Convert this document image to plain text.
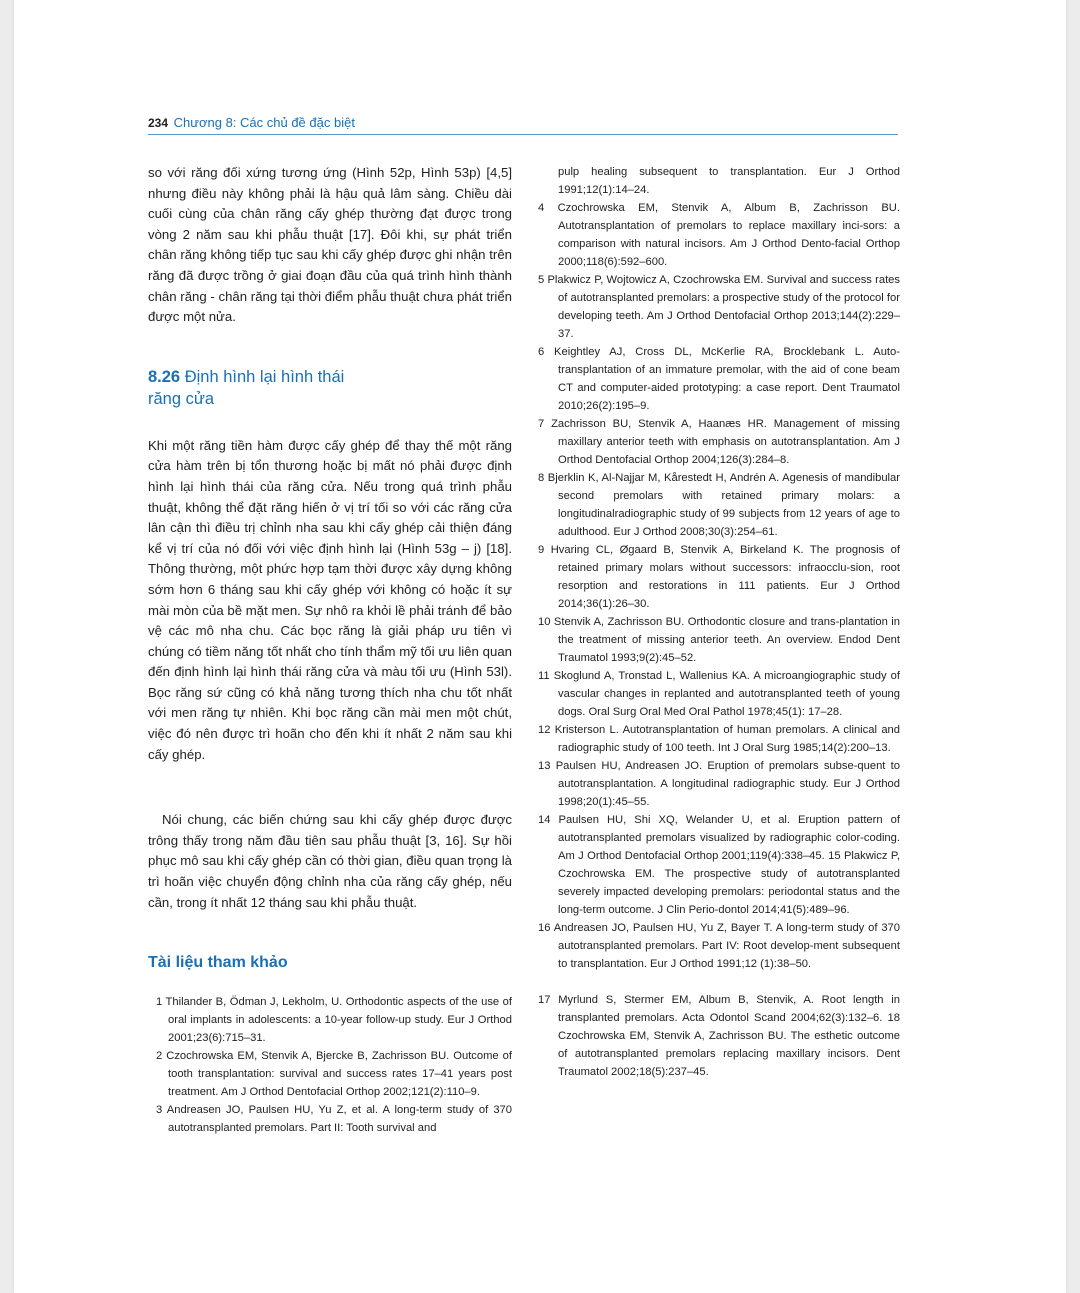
234 Chương 8: Các chủ đề đặc biệt

so với răng đối xứng tương ứng (Hình 52p, Hình 53p) [4,5] nhưng điều này không phải là hậu quả lâm sàng. Chiều dài cuối cùng của chân răng cấy ghép thường đạt được trong vòng 2 năm sau khi phẫu thuật [17]. Đôi khi, sự phát triển chân răng không tiếp tục sau khi cấy ghép được ghi nhận trên răng đã được trồng ở giai đoạn đầu của quá trình hình thành chân răng - chân răng tại thời điểm phẫu thuật chưa phát triển được một nửa.

8.26 Định hình lại hình thái
răng cửa

Khi một răng tiền hàm được cấy ghép để thay thế một răng cửa hàm trên bị tổn thương hoặc bị mất nó phải được định hình lại hình thái của răng cửa. Nếu trong quá trình phẫu thuật, không thể đặt răng hiến ở vị trí tối so với các răng cửa lân cận thì điều trị chỉnh nha sau khi cấy ghép cải thiện đáng kể vị trí của nó đối với việc định hình lại (Hình 53g – j) [18]. Thông thường, một phức hợp tạm thời được xây dựng không sớm hơn 6 tháng sau khi cấy ghép với không có hoặc ít sự mài mòn của bề mặt men. Sự nhô ra khỏi lề phải tránh để bảo vệ các mô nha chu. Các bọc răng là giải pháp ưu tiên vì chúng có tiềm năng tốt nhất cho tính thẩm mỹ tối ưu liên quan đến định hình lại hình thái răng cửa và màu tối ưu (Hình 53l). Bọc răng sứ cũng có khả năng tương thích nha chu tốt nhất với men răng tự nhiên. Khi bọc răng cần mài men một chút, việc đó nên được trì hoãn cho đến khi ít nhất 2 năm sau khi cấy ghép.

Nói chung, các biến chứng sau khi cấy ghép được được trông thấy trong năm đầu tiên sau phẫu thuật [3, 16]. Sự hồi phục mô sau khi cấy ghép cần có thời gian, điều quan trọng là trì hoãn việc chuyển động chỉnh nha của răng cấy ghép, nếu cần, trong ít nhất 12 tháng sau khi phẫu thuật.

Tài liệu tham khảo

1 Thilander B, Ödman J, Lekholm, U. Orthodontic aspects of the use of oral implants in adolescents: a 10-year follow-up study. Eur J Orthod 2001;23(6):715–31.

2 Czochrowska EM, Stenvik A, Bjercke B, Zachrisson BU. Outcome of tooth transplantation: survival and success rates 17–41 years post treatment. Am J Orthod Dentofacial Orthop 2002;121(2):110–9.

3 Andreasen JO, Paulsen HU, Yu Z, et al. A long-term study of 370 autotransplanted premolars. Part II: Tooth survival and

pulp healing subsequent to transplantation. Eur J Orthod 1991;12(1):14–24.

4 Czochrowska EM, Stenvik A, Album B, Zachrisson BU. Autotransplantation of premolars to replace maxillary inci-sors: a comparison with natural incisors. Am J Orthod Dento-facial Orthop 2000;118(6):592–600.

5 Plakwicz P, Wojtowicz A, Czochrowska EM. Survival and success rates of autotransplanted premolars: a prospective study of the protocol for developing teeth. Am J Orthod Dentofacial Orthop 2013;144(2):229–37.

6 Keightley AJ, Cross DL, McKerlie RA, Brocklebank L. Auto-transplantation of an immature premolar, with the aid of cone beam CT and computer-aided prototyping: a case report. Dent Traumatol 2010;26(2):195–9.

7 Zachrisson BU, Stenvik A, Haanæs HR. Management of missing maxillary anterior teeth with emphasis on autotransplantation. Am J Orthod Dentofacial Orthop 2004;126(3):284–8.

8 Bjerklin K, Al-Najjar M, Kårestedt H, Andrén A. Agenesis of mandibular second premolars with retained primary molars: a longitudinalradiographic study of 99 subjects from 12 years of age to adulthood. Eur J Orthod 2008;30(3):254–61.

9 Hvaring CL, Øgaard B, Stenvik A, Birkeland K. The prognosis of retained primary molars without successors: infraocclu-sion, root resorption and restorations in 111 patients. Eur J Orthod 2014;36(1):26–30.

10 Stenvik A, Zachrisson BU. Orthodontic closure and trans-plantation in the treatment of missing anterior teeth. An overview. Endod Dent Traumatol 1993;9(2):45–52.

11 Skoglund A, Tronstad L, Wallenius KA. A microangiographic study of vascular changes in replanted and autotransplanted teeth of young dogs. Oral Surg Oral Med Oral Pathol 1978;45(1): 17–28.

12 Kristerson L. Autotransplantation of human premolars. A clinical and radiographic study of 100 teeth. Int J Oral Surg 1985;14(2):200–13.

13 Paulsen HU, Andreasen JO. Eruption of premolars subse-quent to autotransplantation. A longitudinal radiographic study. Eur J Orthod 1998;20(1):45–55.

14 Paulsen HU, Shi XQ, Welander U, et al. Eruption pattern of autotransplanted premolars visualized by radiographic color-coding. Am J Orthod Dentofacial Orthop 2001;119(4):338–45. 15 Plakwicz P, Czochrowska EM. The prospective study of autotransplanted severely impacted developing premolars: periodontal status and the long-term outcome. J Clin Perio-dontol 2014;41(5):489–96.

16 Andreasen JO, Paulsen HU, Yu Z, Bayer T. A long-term study of 370 autotransplanted premolars. Part IV: Root develop-ment subsequent to transplantation. Eur J Orthod 1991;12 (1):38–50.

17 Myrlund S, Stermer EM, Album B, Stenvik, A. Root length in transplanted premolars. Acta Odontol Scand 2004;62(3):132–6. 18 Czochrowska EM, Stenvik A, Zachrisson BU. The esthetic outcome of autotransplanted premolars replacing maxillary incisors. Dent Traumatol 2002;18(5):237–45.
